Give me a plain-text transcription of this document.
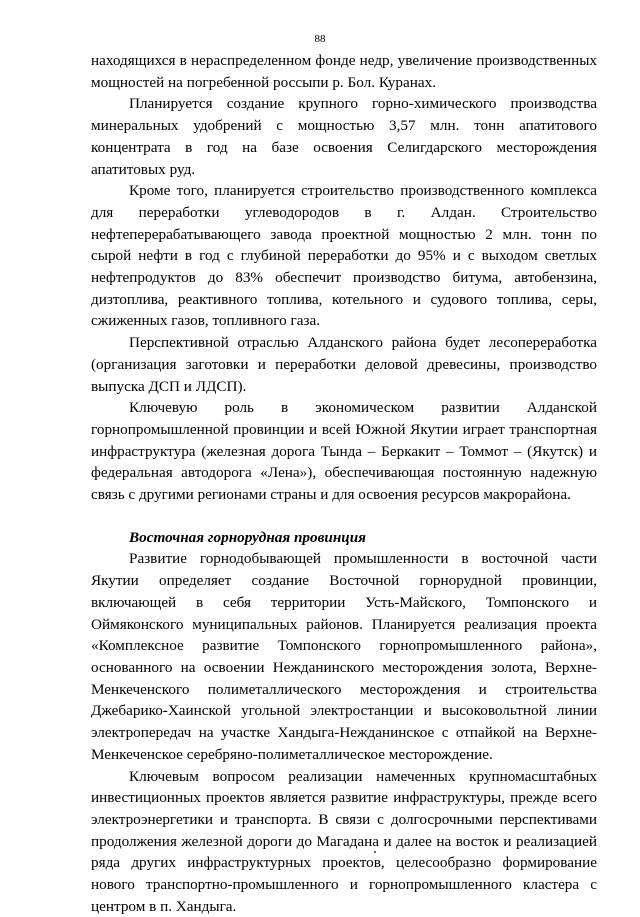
88

находящихся в нераспределенном фонде недр, увеличение производственных мощностей на погребенной россыпи р. Бол. Куранах.

Планируется создание крупного горно-химического производства минеральных удобрений с мощностью 3,57 млн. тонн апатитового концентрата в год на базе освоения Селигдарского месторождения апатитовых руд.

Кроме того, планируется строительство производственного комплекса для переработки углеводородов в г. Алдан. Строительство нефтеперерабатывающего завода проектной мощностью 2 млн. тонн по сырой нефти в год с глубиной переработки до 95% и с выходом светлых нефтепродуктов до 83% обеспечит производство битума, автобензина, дизтоплива, реактивного топлива, котельного и судового топлива, серы, сжиженных газов, топливного газа.

Перспективной отраслью Алданского района будет лесопереработка (организация заготовки и переработки деловой древесины, производство выпуска ДСП и ЛДСП).

Ключевую роль в экономическом развитии Алданской горнопромышленной провинции и всей Южной Якутии играет транспортная инфраструктура (железная дорога Тында – Беркакит – Томмот – (Якутск) и федеральная автодорога «Лена»), обеспечивающая постоянную надежную связь с другими регионами страны и для освоения ресурсов макрорайона.

Восточная горнорудная провинция

Развитие горнодобывающей промышленности в восточной части Якутии определяет создание Восточной горнорудной провинции, включающей в себя территории Усть-Майского, Томпонского и Оймяконского муниципальных районов. Планируется реализация проекта «Комплексное развитие Томпонского горнопромышленного района», основанного на освоении Нежданинского месторождения золота, Верхне-Менкеченского полиметаллического месторождения и строительства Джебарико-Хаинской угольной электростанции и высоковольтной линии электропередач на участке Хандыга-Нежданинское с отпайкой на Верхне-Менкеченское серебряно-полиметаллическое месторождение.

Ключевым вопросом реализации намеченных крупномасштабных инвестиционных проектов является развитие инфраструктуры, прежде всего электроэнергетики и транспорта. В связи с долгосрочными перспективами продолжения железной дороги до Магадана и далее на восток и реализацией ряда других инфраструктурных проектов, целесообразно формирование нового транспортно-промышленного и горнопромышленного кластера с центром в п. Хандыга.
